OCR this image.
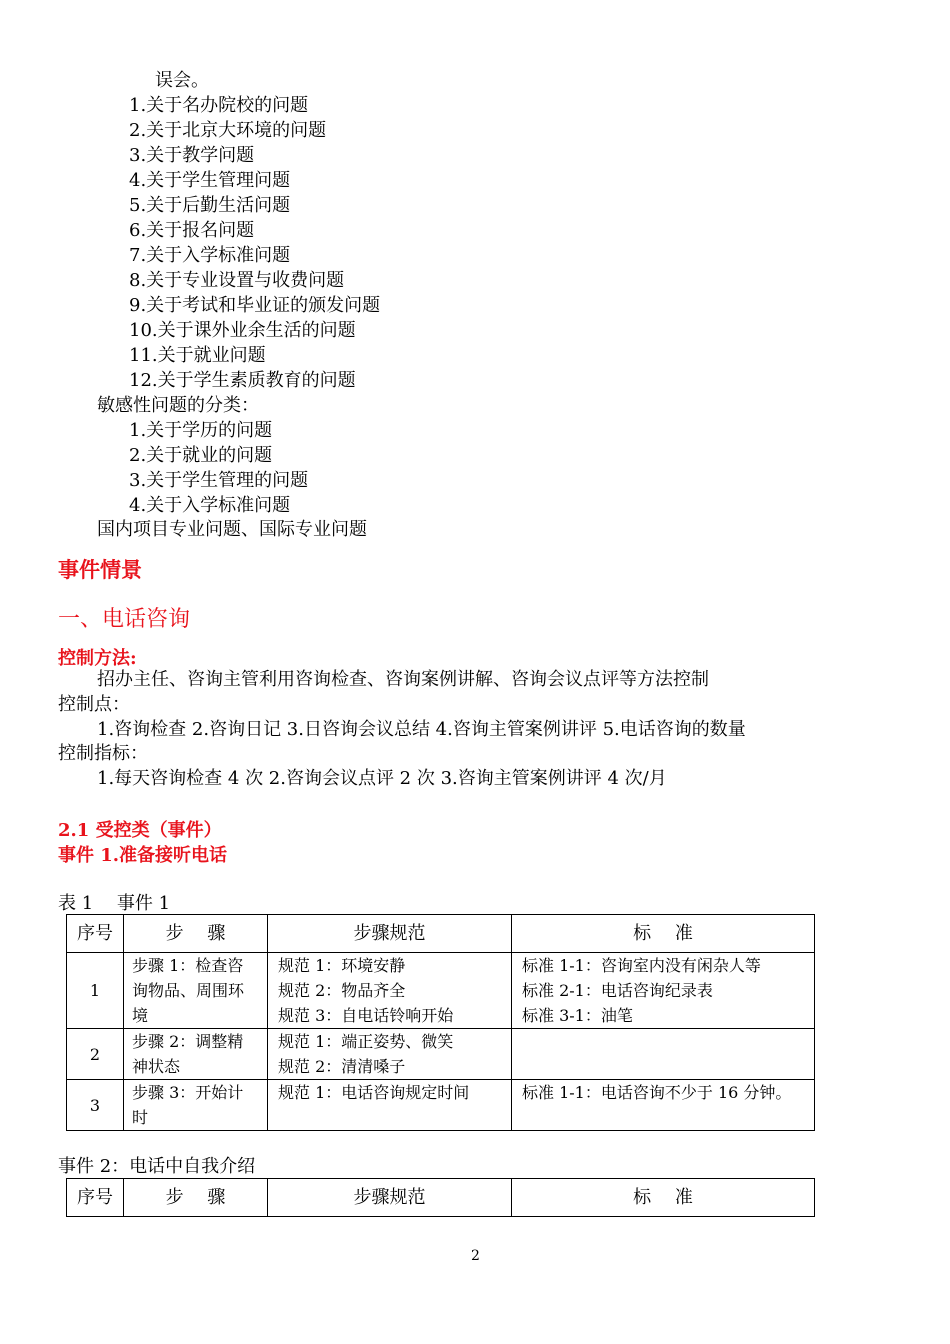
误会。
1.关于名办院校的问题
2.关于北京大环境的问题
3.关于教学问题
4.关于学生管理问题
5.关于后勤生活问题
6.关于报名问题
7.关于入学标准问题
8.关于专业设置与收费问题
9.关于考试和毕业证的颁发问题
10.关于课外业余生活的问题
11.关于就业问题
12.关于学生素质教育的问题
敏感性问题的分类：
1.关于学历的问题
2.关于就业的问题
3.关于学生管理的问题
4.关于入学标准问题
国内项目专业问题、国际专业问题
事件情景
一、电话咨询
控制方法:
招办主任、咨询主管利用咨询检查、咨询案例讲解、咨询会议点评等方法控制
控制点：
1.咨询检查 2.咨询日记 3.日咨询会议总结 4.咨询主管案例讲评 5.电话咨询的数量
控制指标：
1.每天咨询检查 4 次 2.咨询会议点评 2 次 3.咨询主管案例讲评 4 次/月
2.1 受控类（事件）
事件 1.准备接听电话
表 1　 事件 1
序号	步　 骤	步骤规范	标　 准
1	步骤 1：检查咨
询物品、周围环
境	规范 1：环境安静
规范 2：物品齐全
规范 3：自电话铃响开始	标准 1-1：咨询室内没有闲杂人等
标准 2-1：电话咨询纪录表
标准 3-1：油笔

2	步骤 2：调整精
神状态	规范 1：端正姿势、微笑
规范 2：清清嗓子	

3	步骤 3：开始计
时	规范 1：电话咨询规定时间	标准 1-1：电话咨询不少于 16 分钟。
事件 2：电话中自我介绍
序号	步　 骤	步骤规范	标　 准
2
